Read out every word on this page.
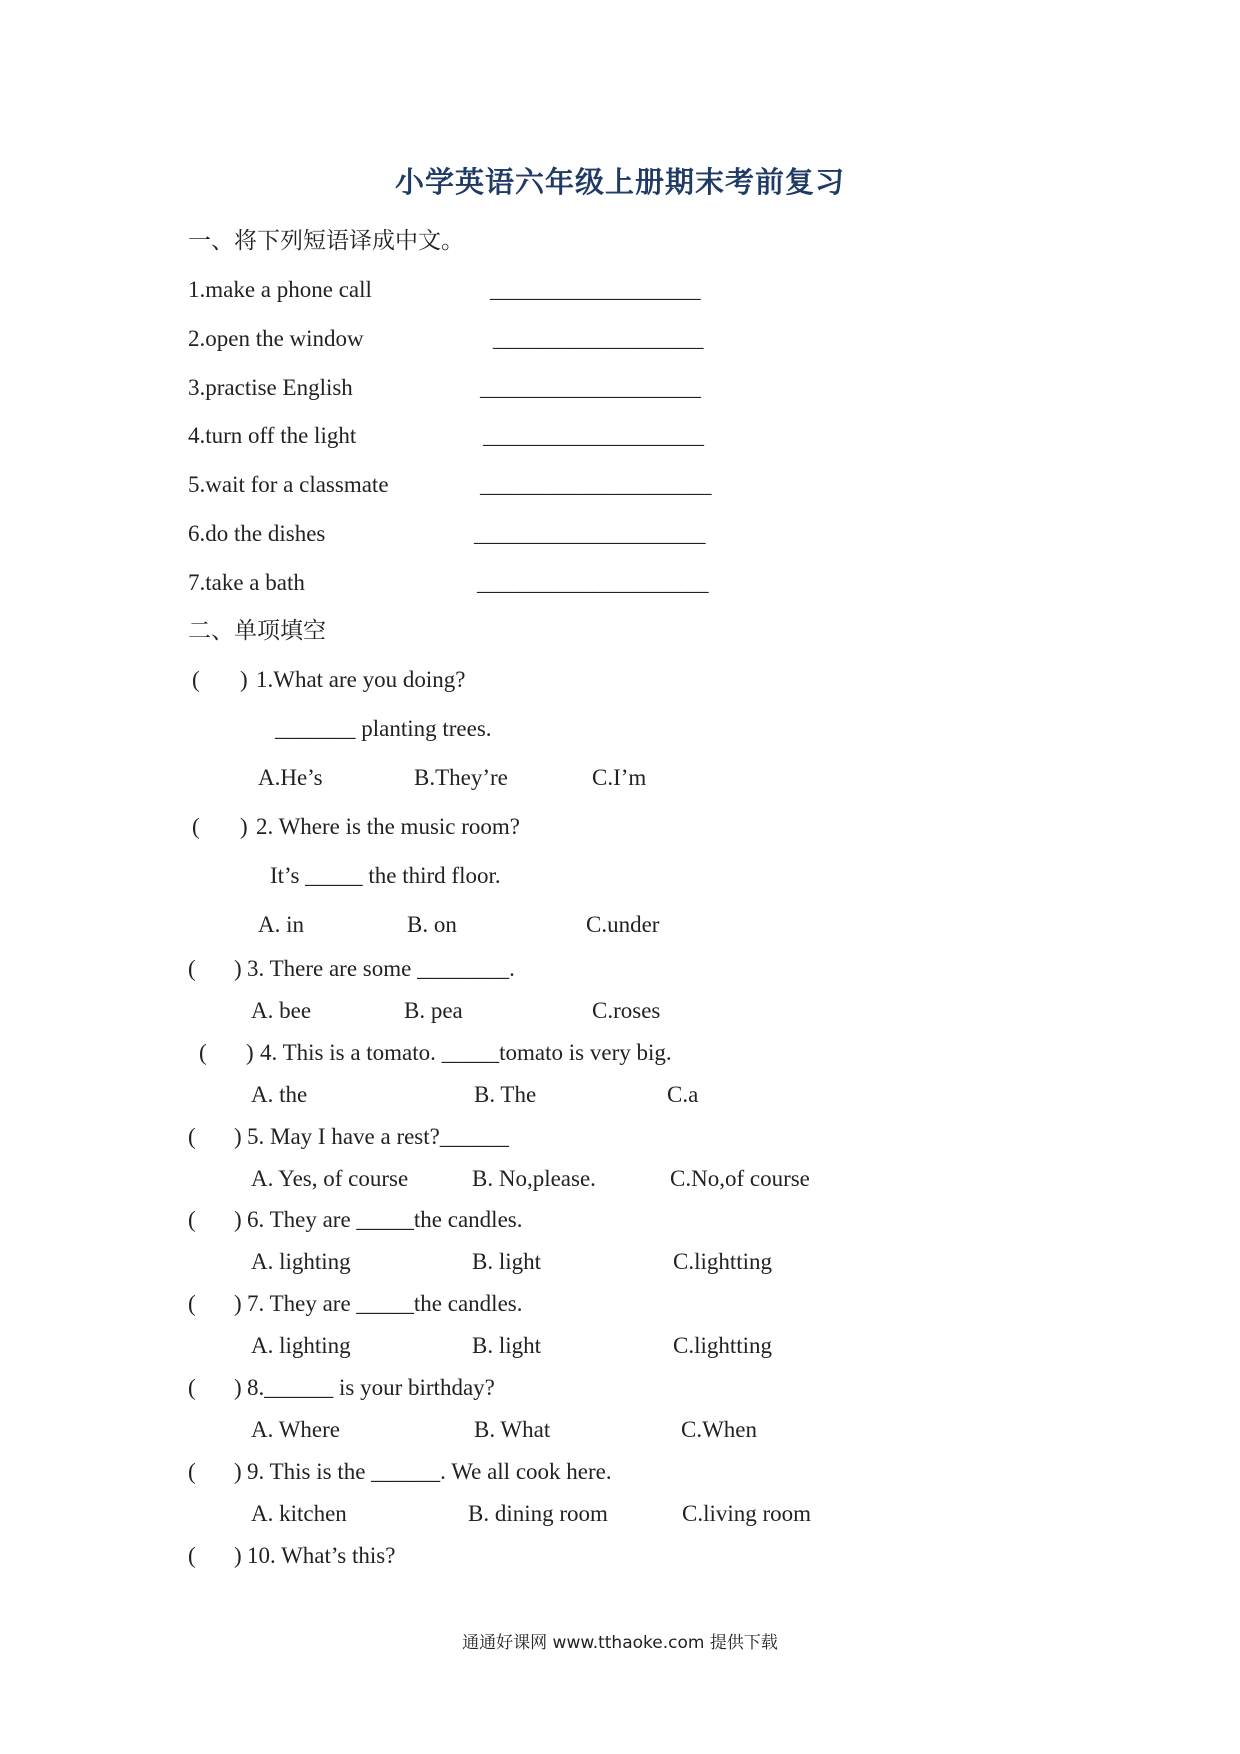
小学英语六年级上册期末考前复习
一、将下列短语译成中文。
1.make a phone call	____________________
2.open the window	____________________
3.practise English	_____________________
4.turn off the light	_____________________
5.wait for a classmate	______________________
6.do the dishes	______________________
7.take a bath	______________________
二、单项填空
( ) 1.What are you doing?
_______ planting trees.
A.He’s	B.They’re	C.I’m
( ) 2. Where is the music room?
It’s _____ the third floor.
A. in	B. on	C.under
( ) 3. There are some ________.
A. bee	B. pea	C.roses
( ) 4. This is a tomato. _____tomato is very big.
A. the	B. The	C.a
( ) 5. May I have a rest?______
A. Yes, of course	B. No,please.	C.No,of course
( ) 6. They are _____the candles.
A. lighting	B. light	C.lightting
( ) 7. They are _____the candles.
A. lighting	B. light	C.lightting
( ) 8.______ is your birthday?
A. Where	B. What	C.When
( ) 9. This is the ______. We all cook here.
A. kitchen	B. dining room	C.living room
( ) 10. What’s this?
通通好课网 www.tthaoke.com 提供下载
